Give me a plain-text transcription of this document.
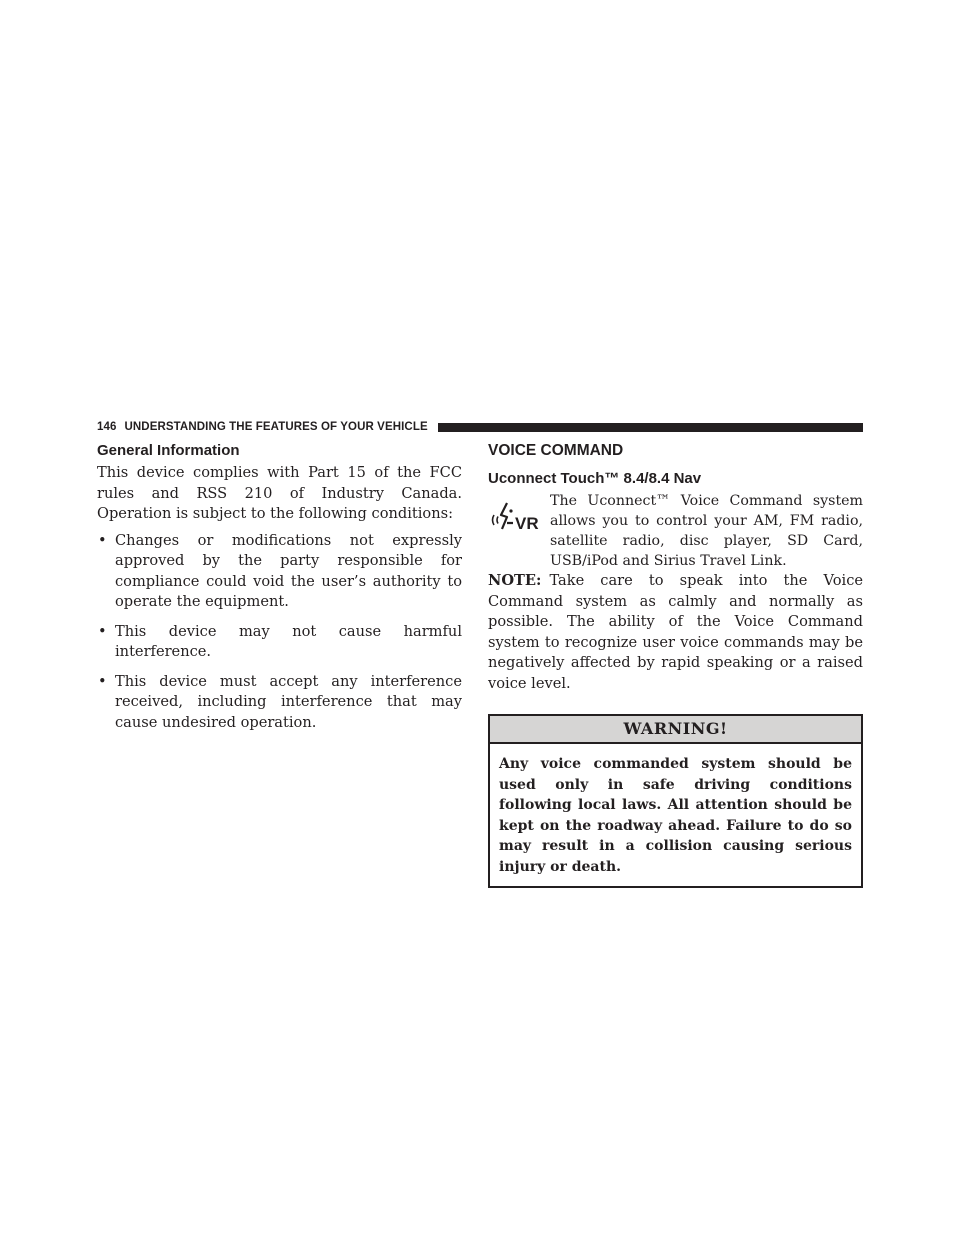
146 UNDERSTANDING THE FEATURES OF YOUR VEHICLE
General Information

This device complies with Part 15 of the FCC rules and RSS 210 of Industry Canada. Operation is subject to the following conditions:

• Changes or modifications not expressly approved by the party responsible for compliance could void the user’s authority to operate the equipment.
• This device may not cause harmful interference.
• This device must accept any interference received, including interference that may cause undesired operation.
VOICE COMMAND
Uconnect Touch™ 8.4/8.4 Nav
VR
The Uconnect™ Voice Command system allows you to control your AM, FM radio, satellite radio, disc player, SD Card, USB/iPod and Sirius Travel Link.

NOTE: Take care to speak into the Voice Command system as calmly and normally as possible. The ability of the Voice Command system to recognize user voice commands may be negatively affected by rapid speaking or a raised voice level.

WARNING!
Any voice commanded system should be used only in safe driving conditions following local laws. All attention should be kept on the roadway ahead. Failure to do so may result in a collision causing serious injury or death.
